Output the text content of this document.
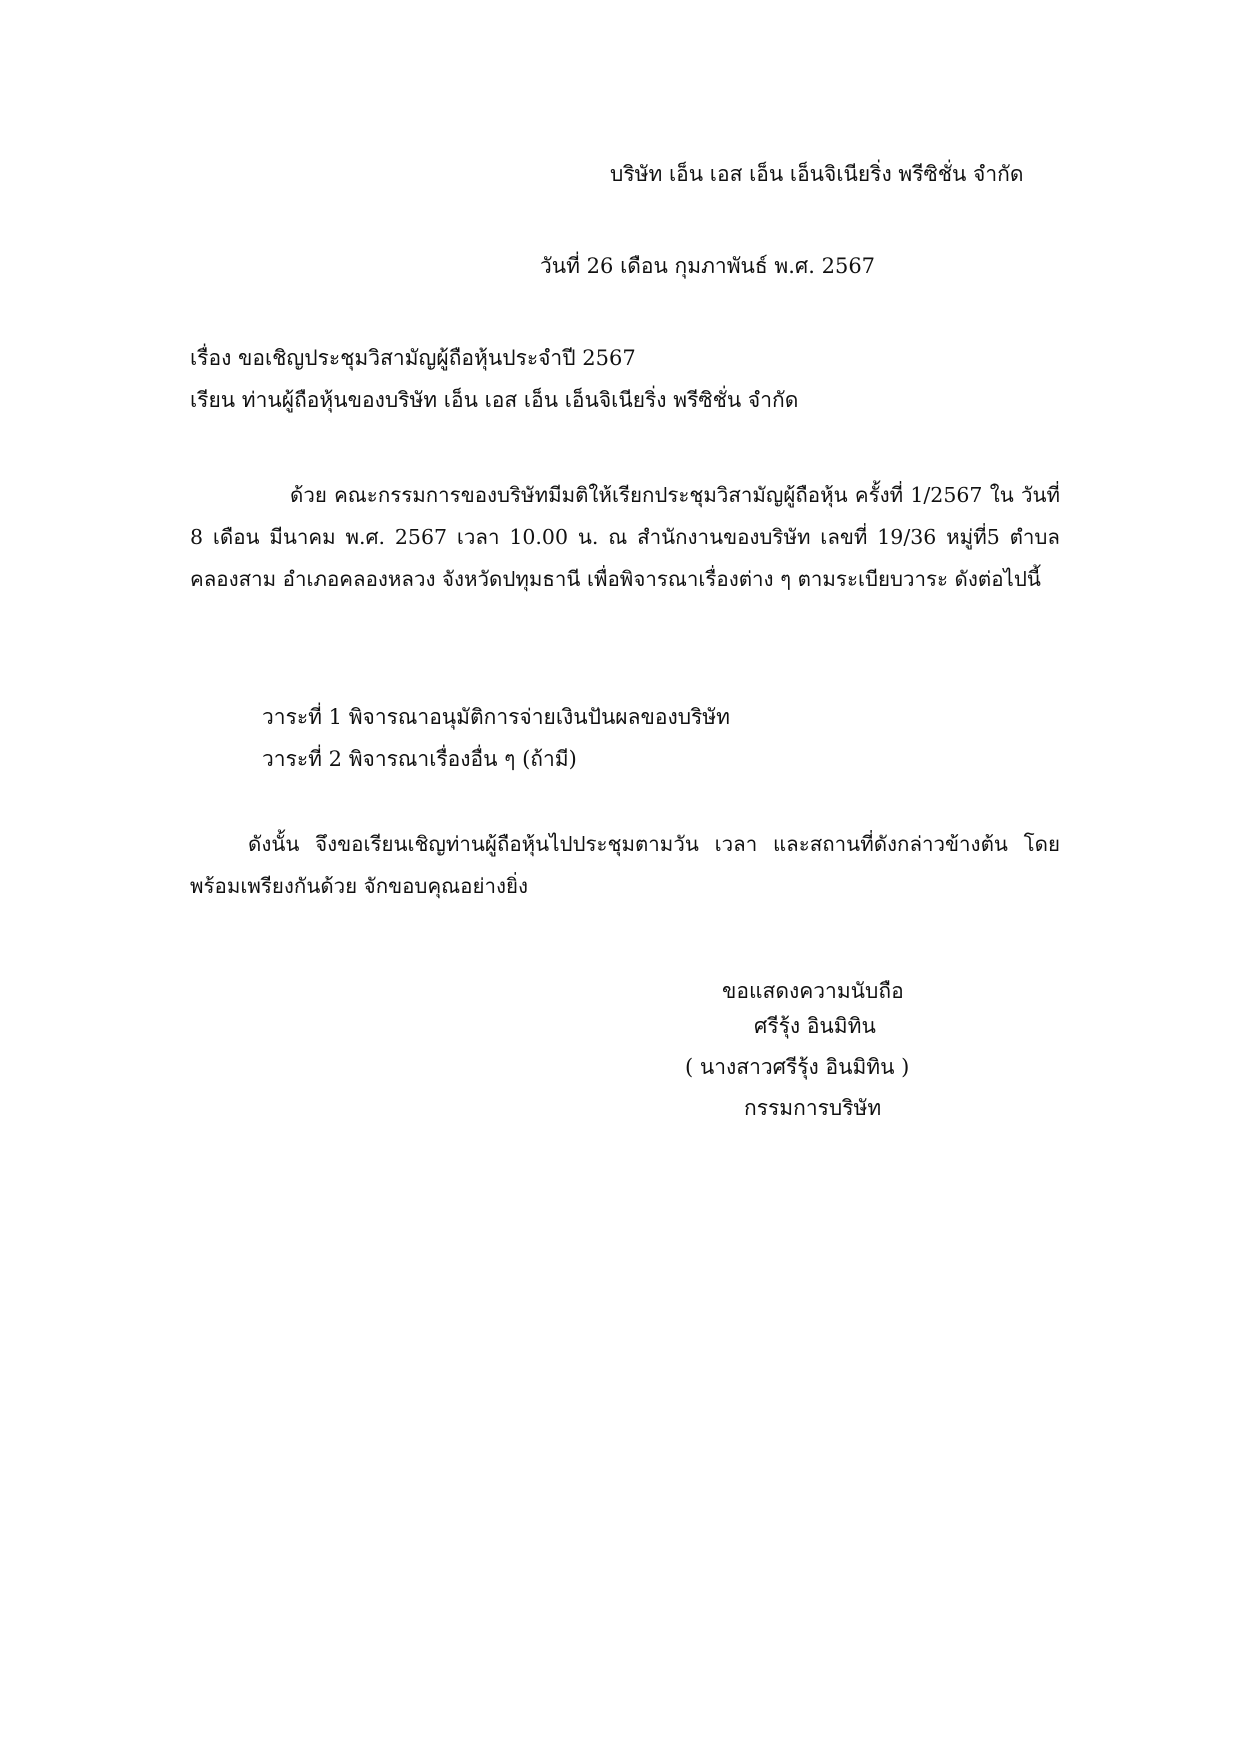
บริษัท เอ็น เอส เอ็น เอ็นจิเนียริ่ง พรีซิชั่น จำกัด
วันที่ 26 เดือน กุมภาพันธ์ พ.ศ. 2567
เรื่อง ขอเชิญประชุมวิสามัญผู้ถือหุ้นประจำปี 2567
เรียน ท่านผู้ถือหุ้นของบริษัท เอ็น เอส เอ็น เอ็นจิเนียริ่ง พรีซิชั่น จำกัด
ด้วย คณะกรรมการของบริษัทมีมติให้เรียกประชุมวิสามัญผู้ถือหุ้น ครั้งที่ 1/2567 ใน วันที่ 8 เดือน มีนาคม พ.ศ. 2567 เวลา 10.00 น. ณ สำนักงานของบริษัท เลขที่ 19/36 หมู่ที่5 ตำบลคลองสาม อำเภอคลองหลวง จังหวัดปทุมธานี เพื่อพิจารณาเรื่องต่าง ๆ ตามระเบียบวาระ ดังต่อไปนี้
วาระที่ 1 พิจารณาอนุมัติการจ่ายเงินปันผลของบริษัท
วาระที่ 2 พิจารณาเรื่องอื่น ๆ (ถ้ามี)
ดังนั้น จึงขอเรียนเชิญท่านผู้ถือหุ้นไปประชุมตามวัน เวลา และสถานที่ดังกล่าวข้างต้น โดย พร้อมเพรียงกันด้วย จักขอบคุณอย่างยิ่ง
ขอแสดงความนับถือ
ศรีรุ้ง อินมิทิน
( นางสาวศรีรุ้ง อินมิทิน )
กรรมการบริษัท
